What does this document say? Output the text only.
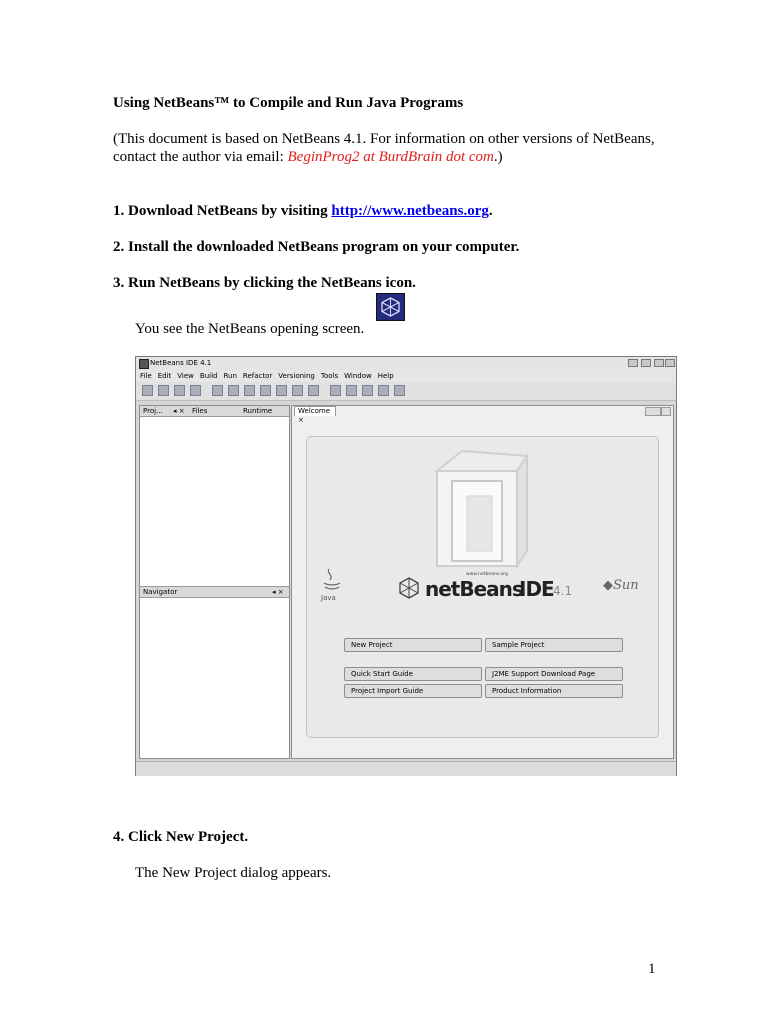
Using NetBeans™ to Compile and Run Java Programs
(This document is based on NetBeans 4.1. For information on other versions of NetBeans,
contact the author via email: BeginProg2 at BurdBrain dot com.)
1. Download NetBeans by visiting http://www.netbeans.org.
2. Install the downloaded NetBeans program on your computer.
3. Run NetBeans by clicking the NetBeans icon.
You see the NetBeans opening screen.
NetBeans IDE 4.1
File Edit View Build Run Refactor Versioning Tools Window Help
Proj... ◂ × Files	Runtime
Navigator	◂ ×
Welcome ×
Java
www.netbeans.org
netBeans
IDE 4.1 ◆Sun
New Project	Sample Project
Quick Start Guide	J2ME Support Download Page
Project Import Guide	Product Information
4. Click New Project.
The New Project dialog appears.
1
